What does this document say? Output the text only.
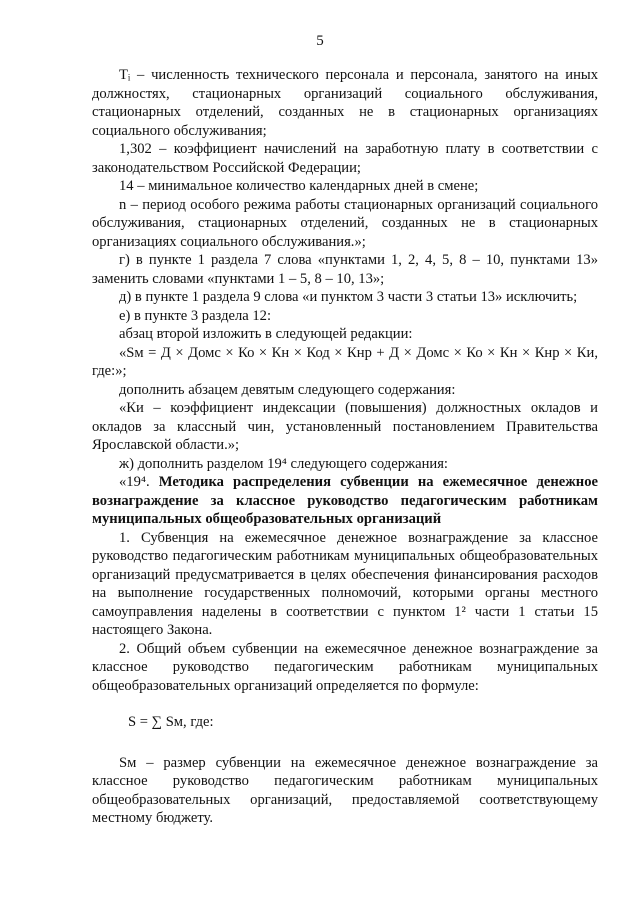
5

Tᵢ – численность технического персонала и персонала, занятого на иных должностях, стационарных организаций социального обслуживания, стационарных отделений, созданных не в стационарных организациях социального обслуживания;

1,302 – коэффициент начислений на заработную плату в соответствии с законодательством Российской Федерации;

14 – минимальное количество календарных дней в смене;

n – период особого режима работы стационарных организаций социального обслуживания, стационарных отделений, созданных не в стационарных организациях социального обслуживания.»;

г) в пункте 1 раздела 7 слова «пунктами 1, 2, 4, 5, 8 – 10, пунктами 13» заменить словами «пунктами 1 – 5, 8 – 10, 13»;

д) в пункте 1 раздела 9 слова «и пунктом 3 части 3 статьи 13» исключить;

е) в пункте 3 раздела 12:

абзац второй изложить в следующей редакции:

«Sм = Д × Домс × Ко × Кн × Код × Кнр + Д × Домс × Ко × Кн × Кнр × Ки, где:»;

дополнить абзацем девятым следующего содержания:

«Ки – коэффициент индексации (повышения) должностных окладов и окладов за классный чин, установленный постановлением Правительства Ярославской области.»;

ж) дополнить разделом 19⁴ следующего содержания:

«19⁴. Методика распределения субвенции на ежемесячное денежное вознаграждение за классное руководство педагогическим работникам муниципальных общеобразовательных организаций

1. Субвенция на ежемесячное денежное вознаграждение за классное руководство педагогическим работникам муниципальных общеобразовательных организаций предусматривается в целях обеспечения финансирования расходов на выполнение государственных полномочий, которыми органы местного самоуправления наделены в соответствии с пунктом 1² части 1 статьи 15 настоящего Закона.

2. Общий объем субвенции на ежемесячное денежное вознаграждение за классное руководство педагогическим работникам муниципальных общеобразовательных организаций определяется по формуле:

S = ∑ Sм, где:

Sм – размер субвенции на ежемесячное денежное вознаграждение за классное руководство педагогическим работникам муниципальных общеобразовательных организаций, предоставляемой соответствующему местному бюджету.
